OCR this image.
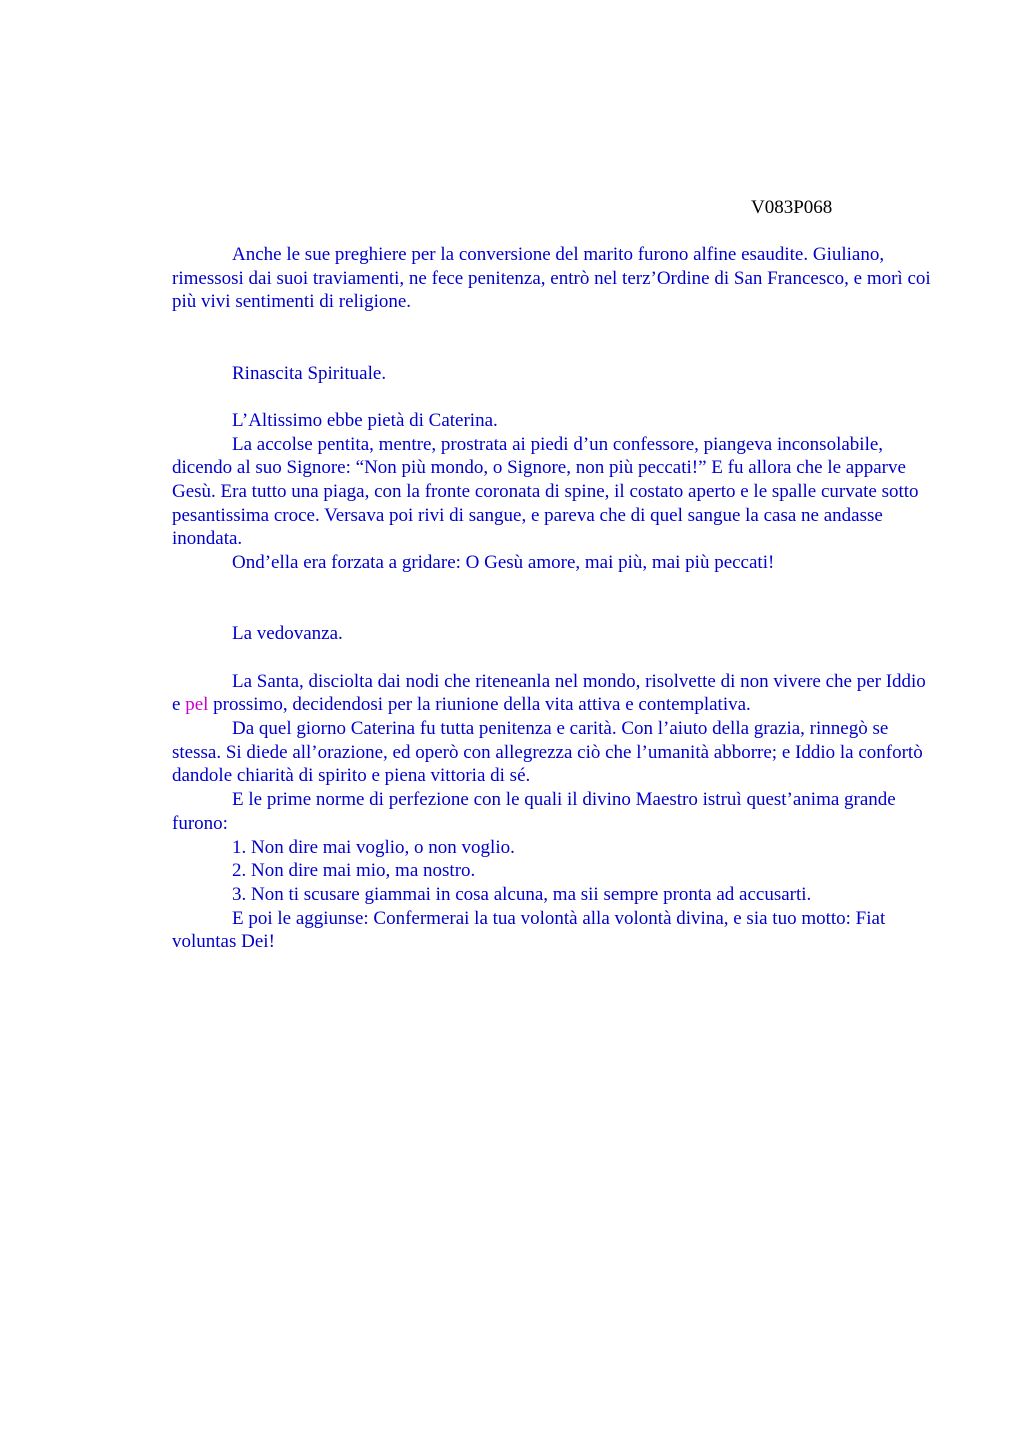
V083P068

Anche le sue preghiere per la conversione del marito furono alfine esaudite. Giuliano, rimessosi dai suoi traviamenti, ne fece penitenza, entrò nel terz’Ordine di San Francesco, e morì coi più vivi sentimenti di religione.

Rinascita Spirituale.

L’Altissimo ebbe pietà di Caterina.

La accolse pentita, mentre, prostrata ai piedi d’un confessore, piangeva inconsolabile, dicendo al suo Signore: “Non più mondo, o Signore, non più peccati!” E fu allora che le apparve Gesù. Era tutto una piaga, con la fronte coronata di spine, il costato aperto e le spalle curvate sotto pesantissima croce. Versava poi rivi di sangue, e pareva che di quel sangue la casa ne andasse inondata.

Ond’ella era forzata a gridare: O Gesù amore, mai più, mai più peccati!

La vedovanza.

La Santa, disciolta dai nodi che riteneanla nel mondo, risolvette di non vivere che per Iddio e pel prossimo, decidendosi per la riunione della vita attiva e contemplativa.

Da quel giorno Caterina fu tutta penitenza e carità. Con l’aiuto della grazia, rinnegò se stessa. Si diede all’orazione, ed operò con allegrezza ciò che l’umanità abborre; e Iddio la confortò dandole chiarità di spirito e piena vittoria di sé.

E le prime norme di perfezione con le quali il divino Maestro istruì quest’anima grande furono:

1. Non dire mai voglio, o non voglio.

2. Non dire mai mio, ma nostro.

3. Non ti scusare giammai in cosa alcuna, ma sii sempre pronta ad accusarti.

E poi le aggiunse: Confermerai la tua volontà alla volontà divina, e sia tuo motto: Fiat voluntas Dei!
